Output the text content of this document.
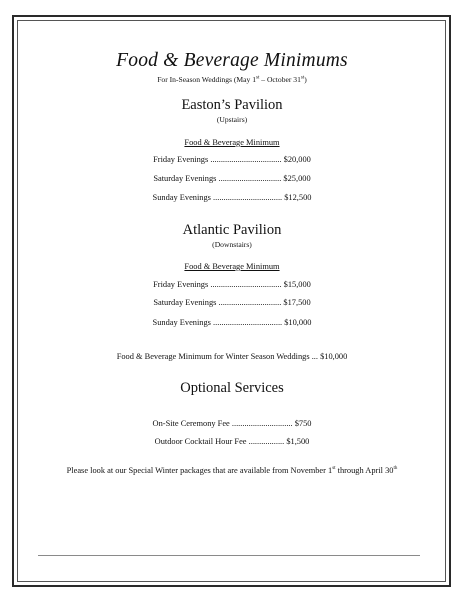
Food & Beverage Minimums
For In-Season Weddings (May 1st – October 31st)
Easton’s Pavilion
(Upstairs)
Food & Beverage Minimum
Friday Evenings .................................. $20,000
Saturday Evenings .............................. $25,000
Sunday Evenings ................................. $12,500
Atlantic Pavilion
(Downstairs)
Food & Beverage Minimum
Friday Evenings .................................. $15,000
Saturday Evenings .............................. $17,500
Sunday Evenings ................................. $10,000
Food & Beverage Minimum for Winter Season Weddings ... $10,000
Optional Services
On-Site Ceremony Fee ............................. $750
Outdoor Cocktail Hour Fee ................. $1,500
Please look at our Special Winter packages that are available from November 1st through April 30th
